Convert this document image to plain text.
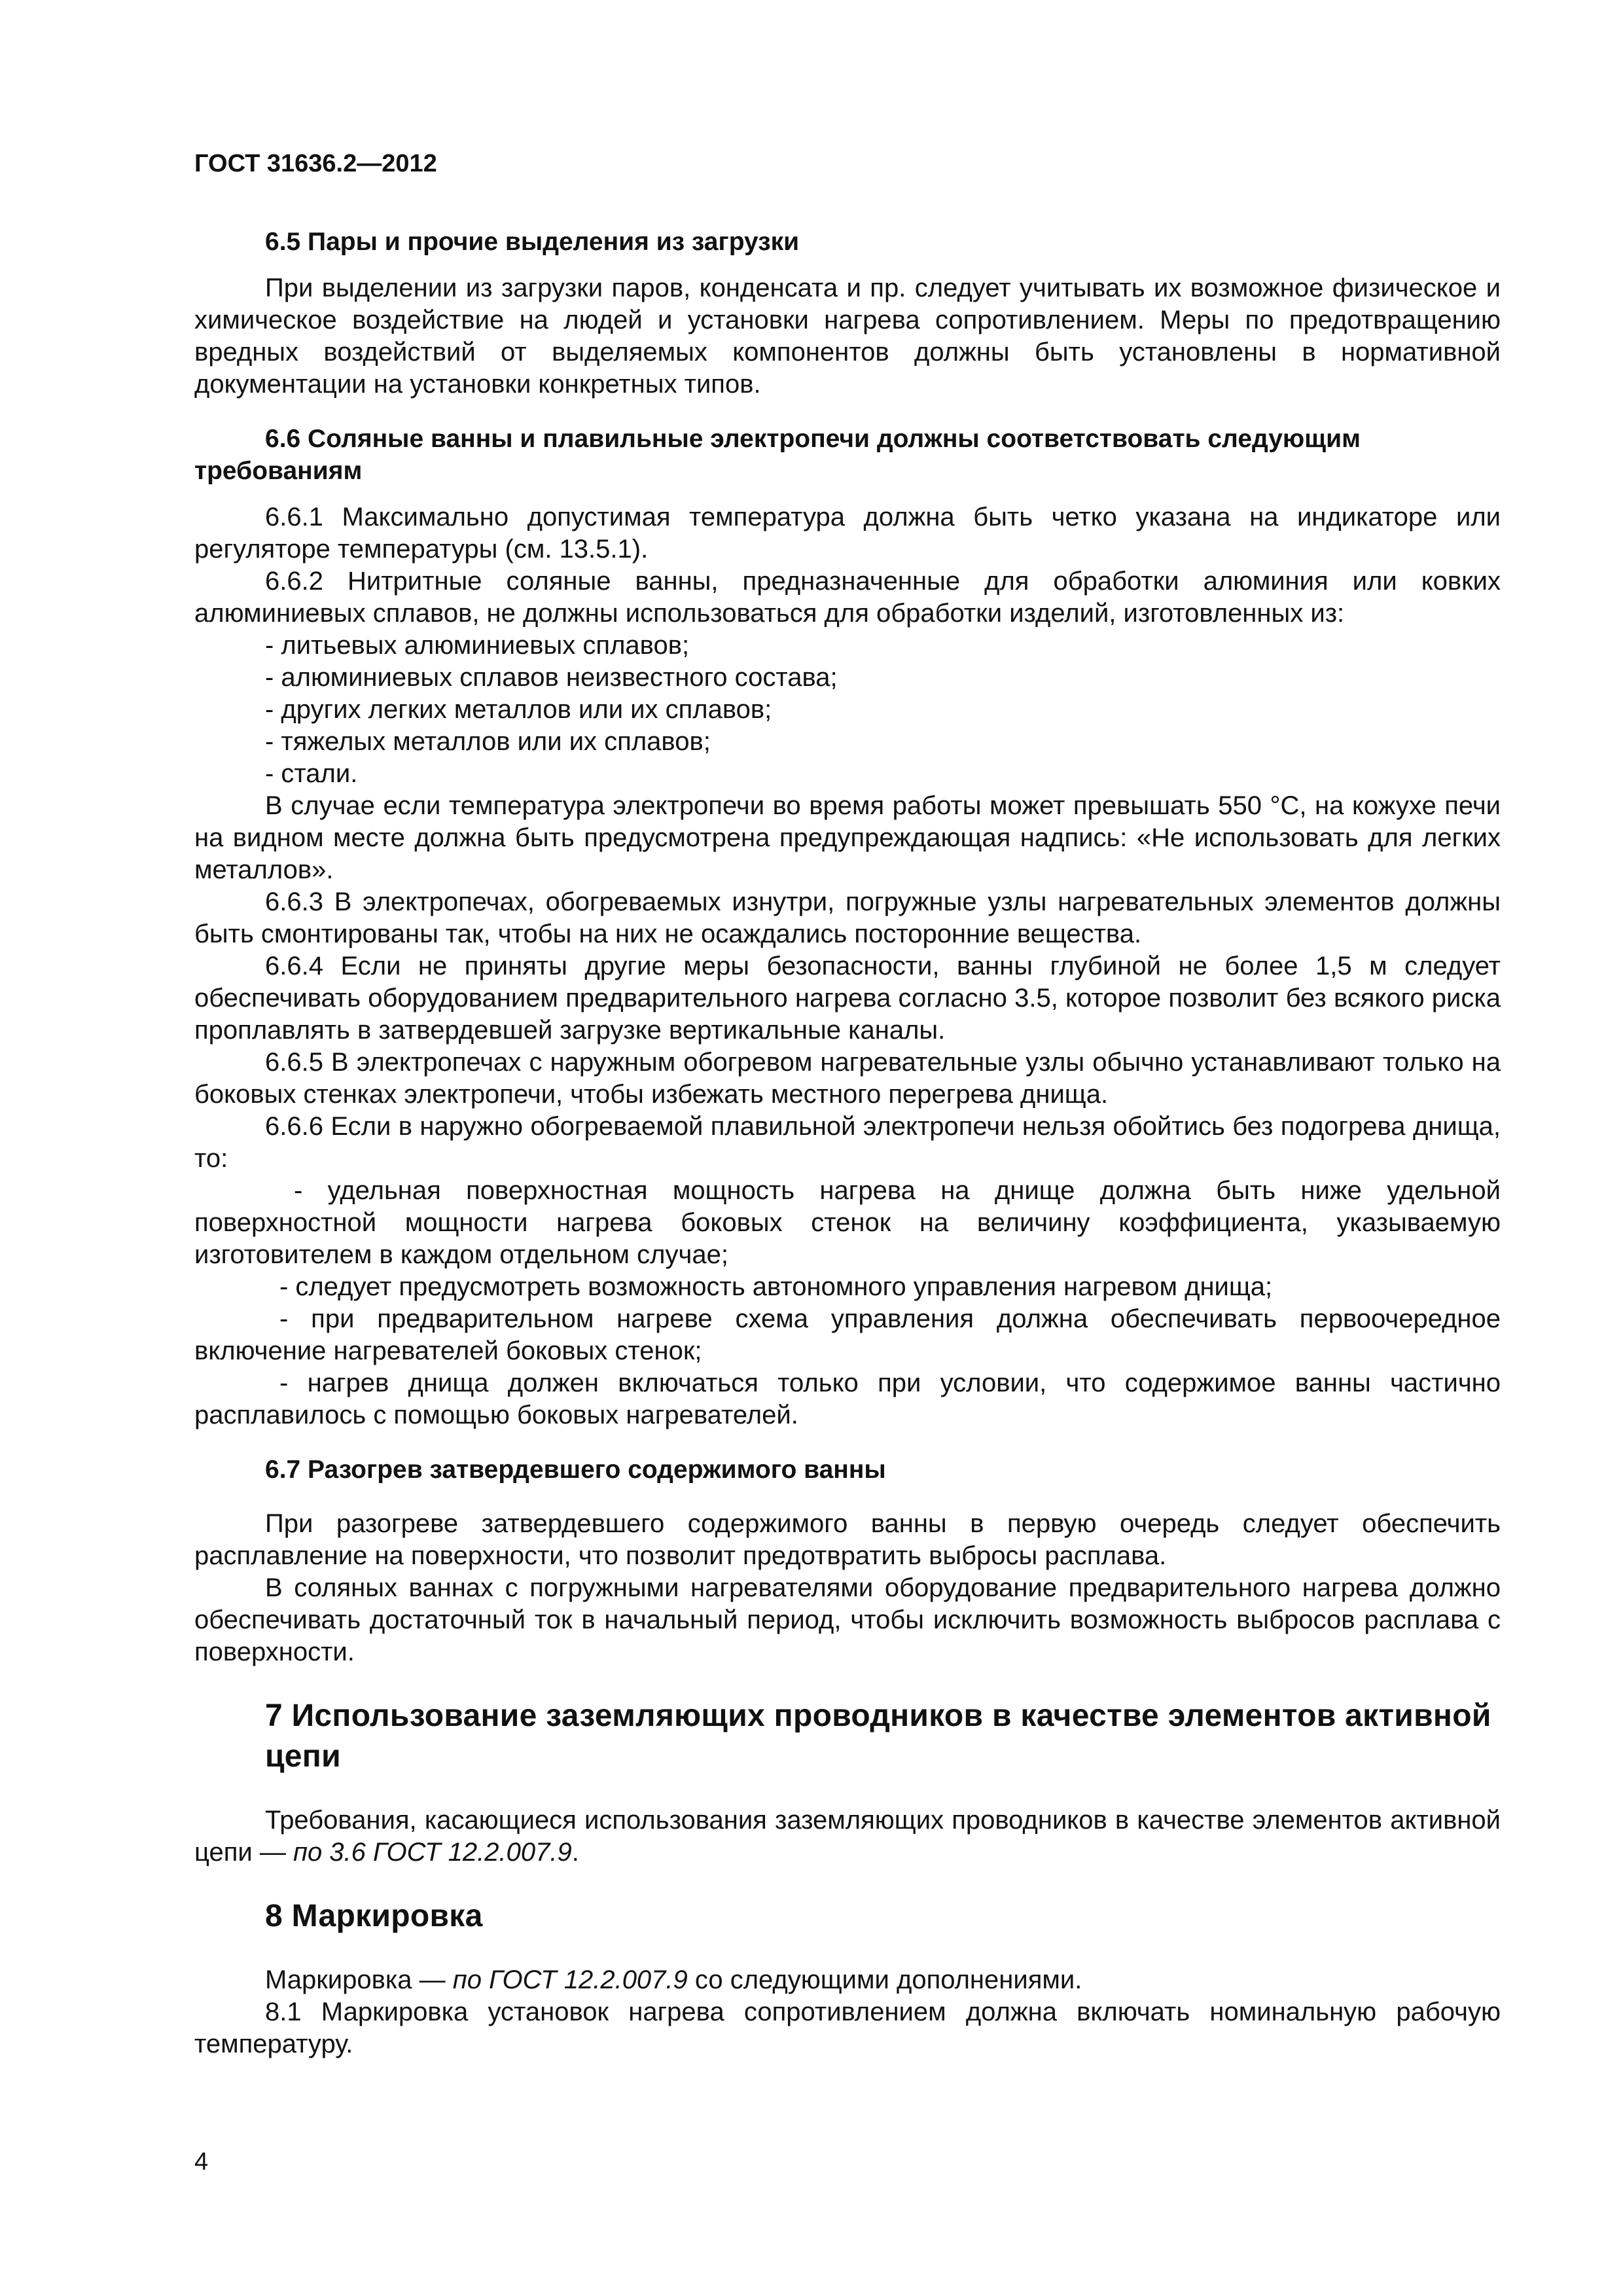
ГОСТ 31636.2—2012

6.5 Пары и прочие выделения из загрузки

При выделении из загрузки паров, конденсата и пр. следует учитывать их возможное физическое и химическое воздействие на людей и установки нагрева сопротивлением. Меры по предотвращению вредных воздействий от выделяемых компонентов должны быть установлены в нормативной документации на установки конкретных типов.

6.6 Соляные ванны и плавильные электропечи должны соответствовать следующим требованиям

6.6.1 Максимально допустимая температура должна быть четко указана на индикаторе или регуляторе температуры (см. 13.5.1).

6.6.2 Нитритные соляные ванны, предназначенные для обработки алюминия или ковких алюминиевых сплавов, не должны использоваться для обработки изделий, изготовленных из:

- литьевых алюминиевых сплавов;

- алюминиевых сплавов неизвестного состава;

- других легких металлов или их сплавов;

- тяжелых металлов или их сплавов;

- стали.

В случае если температура электропечи во время работы может превышать 550 °С, на кожухе печи на видном месте должна быть предусмотрена предупреждающая надпись: «Не использовать для легких металлов».

6.6.3 В электропечах, обогреваемых изнутри, погружные узлы нагревательных элементов должны быть смонтированы так, чтобы на них не осаждались посторонние вещества.

6.6.4 Если не приняты другие меры безопасности, ванны глубиной не более 1,5 м следует обеспечивать оборудованием предварительного нагрева согласно 3.5, которое позволит без всякого риска проплавлять в затвердевшей загрузке вертикальные каналы.

6.6.5 В электропечах с наружным обогревом нагревательные узлы обычно устанавливают только на боковых стенках электропечи, чтобы избежать местного перегрева днища.

6.6.6 Если в наружно обогреваемой плавильной электропечи нельзя обойтись без подогрева днища, то:

- удельная поверхностная мощность нагрева на днище должна быть ниже удельной поверхностной мощности нагрева боковых стенок на величину коэффициента, указываемую изготовителем в каждом отдельном случае;

- следует предусмотреть возможность автономного управления нагревом днища;

- при предварительном нагреве схема управления должна обеспечивать первоочередное включение нагревателей боковых стенок;

- нагрев днища должен включаться только при условии, что содержимое ванны частично расплавилось с помощью боковых нагревателей.

6.7 Разогрев затвердевшего содержимого ванны

При разогреве затвердевшего содержимого ванны в первую очередь следует обеспечить расплавление на поверхности, что позволит предотвратить выбросы расплава.

В соляных ваннах с погружными нагревателями оборудование предварительного нагрева должно обеспечивать достаточный ток в начальный период, чтобы исключить возможность выбросов расплава с поверхности.

7 Использование заземляющих проводников в качестве элементов активной цепи

Требования, касающиеся использования заземляющих проводников в качестве элементов активной цепи — по 3.6 ГОСТ 12.2.007.9.

8 Маркировка

Маркировка — по ГОСТ 12.2.007.9 со следующими дополнениями.

8.1 Маркировка установок нагрева сопротивлением должна включать номинальную рабочую температуру.

4
